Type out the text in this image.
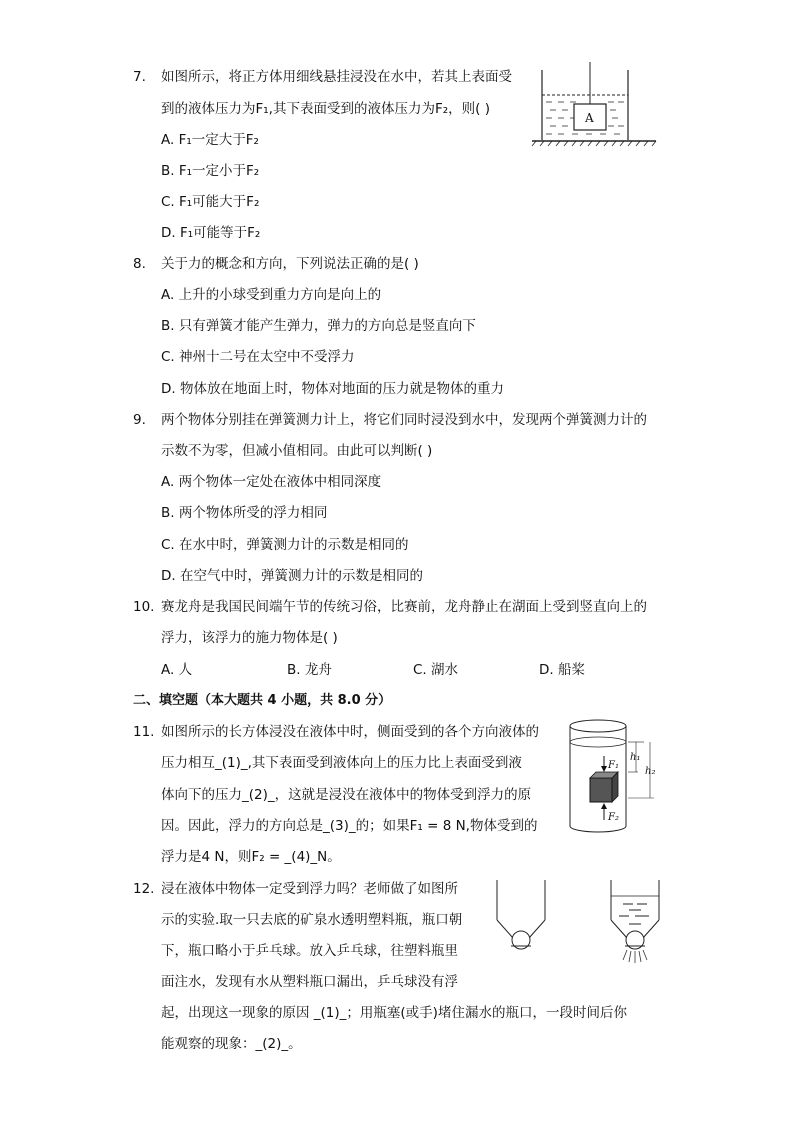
7. 如图所示，将正方体用细线悬挂浸没在水中，若其上表面受
到的液体压力为F₁,其下表面受到的液体压力为F₂，则( )
A. F₁一定大于F₂
B. F₁一定小于F₂
C. F₁可能大于F₂
D. F₁可能等于F₂
A
8. 关于力的概念和方向，下列说法正确的是( )
A. 上升的小球受到重力方向是向上的
B. 只有弹簧才能产生弹力，弹力的方向总是竖直向下
C. 神州十二号在太空中不受浮力
D. 物体放在地面上时，物体对地面的压力就是物体的重力
9. 两个物体分别挂在弹簧测力计上，将它们同时浸没到水中，发现两个弹簧测力计的
示数不为零，但减小值相同。由此可以判断( )
A. 两个物体一定处在液体中相同深度
B. 两个物体所受的浮力相同
C. 在水中时，弹簧测力计的示数是相同的
D. 在空气中时，弹簧测力计的示数是相同的
10. 赛龙舟是我国民间端午节的传统习俗，比赛前，龙舟静止在湖面上受到竖直向上的
浮力，该浮力的施力物体是( )
A. 人	B. 龙舟	C. 湖水	D. 船桨
二、填空题（本大题共 4 小题，共 8.0 分）
11. 如图所示的长方体浸没在液体中时，侧面受到的各个方向液体的
压力相互_(1)_,其下表面受到液体向上的压力比上表面受到液
体向下的压力_(2)_，这就是浸没在液体中的物体受到浮力的原
因。因此，浮力的方向总是_(3)_的；如果F₁ = 8 N,物体受到的
浮力是4 N，则F₂ = _(4)_N。
F₁
F₂
h₁
h₂
12. 浸在液体中物体一定受到浮力吗？老师做了如图所
示的实验.取一只去底的矿泉水透明塑料瓶，瓶口朝
下，瓶口略小于乒乓球。放入乒乓球，往塑料瓶里
面注水，发现有水从塑料瓶口漏出，乒乓球没有浮
起，出现这一现象的原因 _(1)_；用瓶塞(或手)堵住漏水的瓶口，一段时间后你
能观察的现象：_(2)_。
